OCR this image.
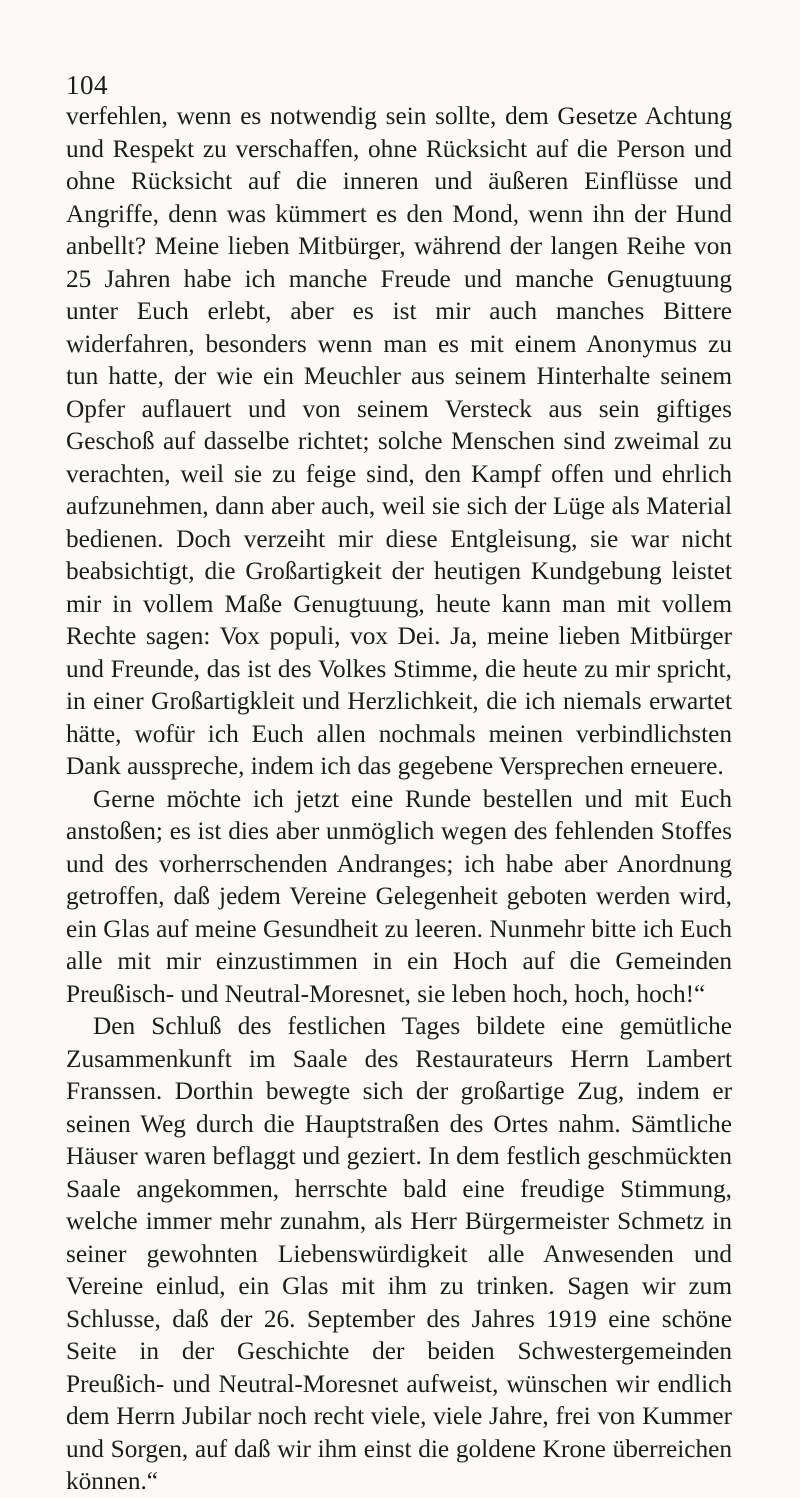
104

verfehlen, wenn es notwendig sein sollte, dem Gesetze Achtung und Respekt zu verschaffen, ohne Rücksicht auf die Person und ohne Rücksicht auf die inneren und äußeren Einflüsse und Angriffe, denn was kümmert es den Mond, wenn ihn der Hund anbellt? Meine lieben Mitbürger, während der langen Reihe von 25 Jahren habe ich manche Freude und manche Genugtuung unter Euch erlebt, aber es ist mir auch manches Bittere widerfahren, besonders wenn man es mit einem Anonymus zu tun hatte, der wie ein Meuchler aus seinem Hinterhalte seinem Opfer auflauert und von seinem Versteck aus sein giftiges Geschoß auf dasselbe richtet; solche Menschen sind zweimal zu verachten, weil sie zu feige sind, den Kampf offen und ehrlich aufzunehmen, dann aber auch, weil sie sich der Lüge als Material bedienen. Doch verzeiht mir diese Entgleisung, sie war nicht beabsichtigt, die Großartigkeit der heutigen Kundgebung leistet mir in vollem Maße Genugtuung, heute kann man mit vollem Rechte sagen: Vox populi, vox Dei. Ja, meine lieben Mitbürger und Freunde, das ist des Volkes Stimme, die heute zu mir spricht, in einer Großartigkleit und Herzlichkeit, die ich niemals erwartet hätte, wofür ich Euch allen nochmals meinen verbindlichsten Dank ausspreche, indem ich das gegebene Versprechen erneuere.

Gerne möchte ich jetzt eine Runde bestellen und mit Euch anstoßen; es ist dies aber unmöglich wegen des fehlenden Stoffes und des vorherrschenden Andranges; ich habe aber Anordnung getroffen, daß jedem Vereine Gelegenheit geboten werden wird, ein Glas auf meine Gesundheit zu leeren. Nunmehr bitte ich Euch alle mit mir einzustimmen in ein Hoch auf die Gemeinden Preußisch- und Neutral-Moresnet, sie leben hoch, hoch, hoch!“

Den Schluß des festlichen Tages bildete eine gemütliche Zusammenkunft im Saale des Restaurateurs Herrn Lambert Franssen. Dorthin bewegte sich der großartige Zug, indem er seinen Weg durch die Hauptstraßen des Ortes nahm. Sämtliche Häuser waren beflaggt und geziert. In dem festlich geschmückten Saale angekommen, herrschte bald eine freudige Stimmung, welche immer mehr zunahm, als Herr Bürgermeister Schmetz in seiner gewohnten Liebenswürdigkeit alle Anwesenden und Vereine einlud, ein Glas mit ihm zu trinken. Sagen wir zum Schlusse, daß der 26. September des Jahres 1919 eine schöne Seite in der Geschichte der beiden Schwestergemeinden Preußich- und Neutral-Moresnet aufweist, wünschen wir endlich dem Herrn Jubilar noch recht viele, viele Jahre, frei von Kummer und Sorgen, auf daß wir ihm einst die goldene Krone überreichen können.“
